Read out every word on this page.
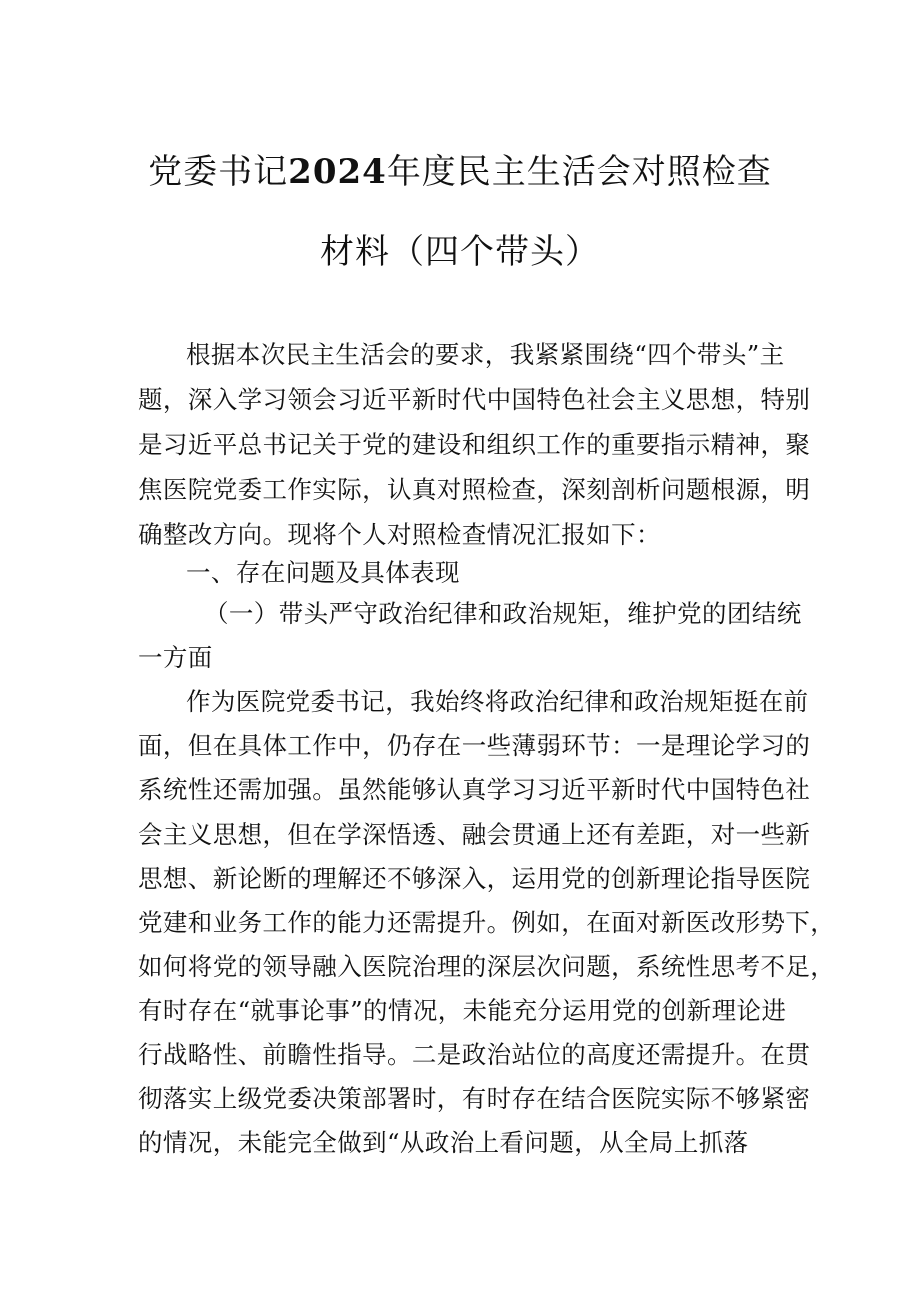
党委书记2024年度民主生活会对照检查
材料（四个带头）
根据本次民主生活会的要求，我紧紧围绕“四个带头”主
题，深入学习领会习近平新时代中国特色社会主义思想，特别
是习近平总书记关于党的建设和组织工作的重要指示精神，聚
焦医院党委工作实际，认真对照检查，深刻剖析问题根源，明
确整改方向。现将个人对照检查情况汇报如下：
一、存在问题及具体表现
（一）带头严守政治纪律和政治规矩，维护党的团结统
一方面
作为医院党委书记，我始终将政治纪律和政治规矩挺在前
面，但在具体工作中，仍存在一些薄弱环节：一是理论学习的
系统性还需加强。虽然能够认真学习习近平新时代中国特色社
会主义思想，但在学深悟透、融会贯通上还有差距，对一些新
思想、新论断的理解还不够深入，运用党的创新理论指导医院
党建和业务工作的能力还需提升。例如，在面对新医改形势下，
如何将党的领导融入医院治理的深层次问题，系统性思考不足，
有时存在“就事论事”的情况，未能充分运用党的创新理论进
行战略性、前瞻性指导。二是政治站位的高度还需提升。在贯
彻落实上级党委决策部署时，有时存在结合医院实际不够紧密
的情况，未能完全做到“从政治上看问题，从全局上抓落
